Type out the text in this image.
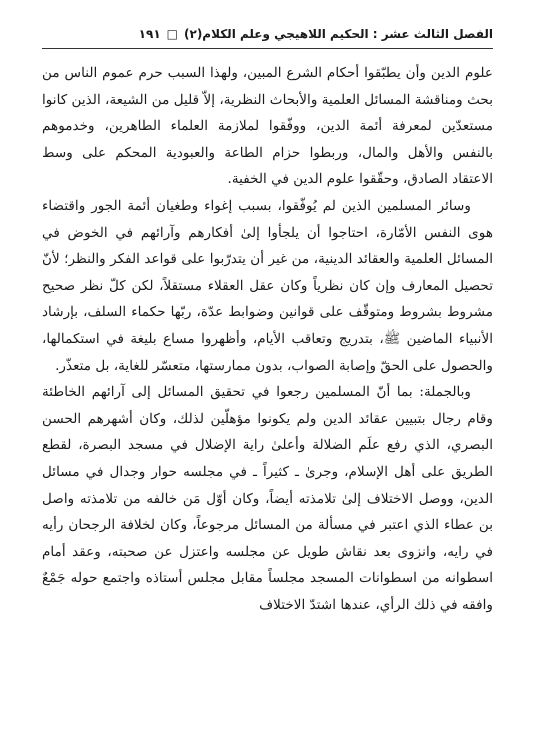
الفصل الثالث عشر : الحكيم اللاهيجي وعلم الكلام(٢)
□
١٩١

علوم الدين وأن يطبّقوا أحكام الشرع المبين، ولهذا السبب حرم عموم الناس من بحث ومناقشة المسائل العلمية والأبحاث النظرية، إلاّ قليل من الشيعة، الذين كانوا مستعدّين لمعرفة أئمة الدين، ووفّقوا لملازمة العلماء الطاهرين، وخدموهم بالنفس والأهل والمال، وربطوا حزام الطاعة والعبودية المحكم على وسط الاعتقاد الصادق، وحقّقوا علوم الدين في الخفية.

وسائر المسلمين الذين لم يُوفّقوا، بسبب إغواء وطغيان أئمة الجور واقتضاء هوى النفس الأمّارة، احتاجوا أن يلجأوا إلىٰ أفكارهم وآرائهم في الخوض في المسائل العلمية والعقائد الدينية، من غير أن يتدرّبوا على قواعد الفكر والنظر؛ لأنّ تحصيل المعارف وإن كان نظرياً وكان عقل العقلاء مستقلاً، لكن كلّ نظر صحيح مشروط بشروط ومتوقّف على قوانين وضوابط عدّة، ربّها حكماء السلف، بإرشاد الأنبياء الماضين ﷺ، بتدريج وتعاقب الأيام، وأظهروا مساع بليغة في استكمالها، والحصول على الحقّ وإصابة الصواب، بدون ممارستها، متعسّر للغاية، بل متعذّر.

وبالجملة: بما أنّ المسلمين رجعوا في تحقيق المسائل إلى آرائهم الخاطئة وقام رجال بتبيين عقائد الدين ولم يكونوا مؤهلّين لذلك، وكان أشهرهم الحسن البصري، الذي رفع علَم الضلالة وأعلىٰ راية الإضلال في مسجد البصرة، لقطع الطريق على أهل الإسلام، وجرىٰ ـ كثيراً ـ في مجلسه حوار وجدال في مسائل الدين، ووصل الاختلاف إلىٰ تلامذته أيضاً، وكان أوّل مَن خالفه من تلامذته واصل بن عطاء الذي اعتبر في مسألة من المسائل مرجوعاً، وكان لخلافة الرجحان رأيه في رايه، وانزوى بعد نقاش طويل عن مجلسه واعتزل عن صحبته، وعقد أمام اسطوانه من اسطوانات المسجد مجلساً مقابل مجلس أستاذه واجتمع حوله جَمْعٌ وافقه في ذلك الرأي، عندها اشتدّ الاختلاف
